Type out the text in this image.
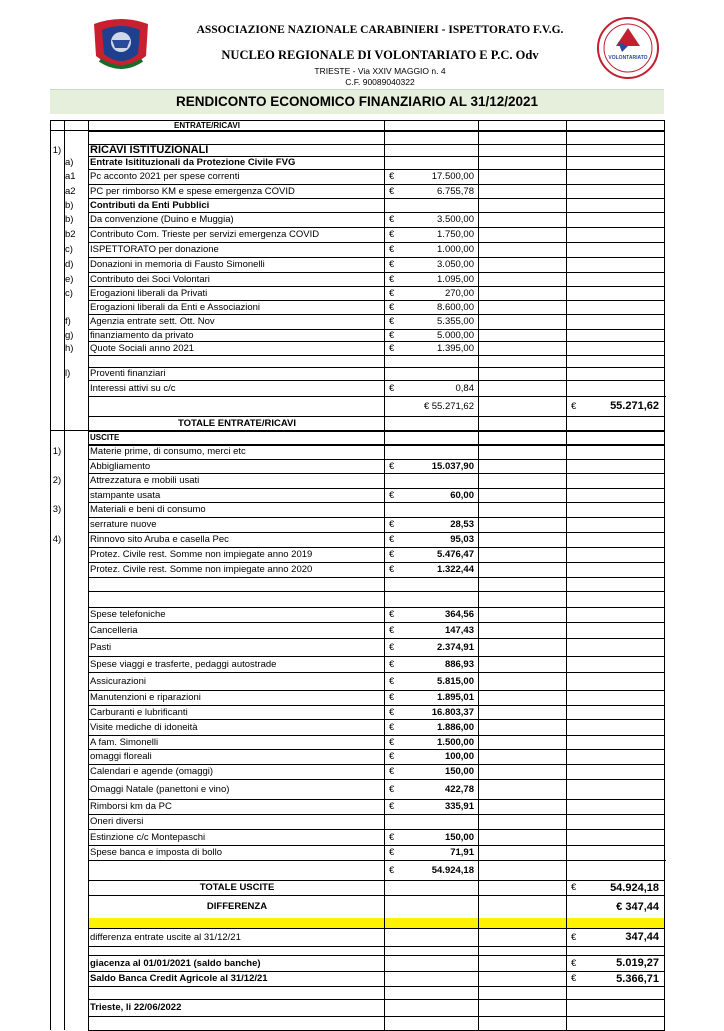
ASSOCIAZIONE NAZIONALE CARABINIERI - ISPETTORATO F.V.G.
NUCLEO REGIONALE DI VOLONTARIATO E P.C. Odv
TRIESTE - Via XXIV MAGGIO n. 4
C.F. 90089040322
VOLONTARIATO
RENDICONTO ECONOMICO FINANZIARIO AL 31/12/2021
ENTRATE/RICAVI
1)	RICAVI ISTITUZIONALI
a)	Entrate Isitituzionali da Protezione Civile FVG
a1	Pc acconto 2021 per spese correnti	€	17.500,00
a2	PC per rimborso KM e spese emergenza COVID	€	6.755,78
b)	Contributi da Enti Pubblici
b)	Da convenzione (Duino e Muggia)	€	3.500,00
b2	Contributo Com. Trieste per servizi emergenza COVID	€	1.750,00
c)	ISPETTORATO per donazione	€	1.000,00
d)	Donazioni in memoria di Fausto Simonelli	€	3.050,00
e)	Contributo dei Soci Volontari	€	1.095,00
c)	Erogazioni liberali da Privati	€	270,00
Erogazioni liberali da Enti e Associazioni	€	8.600,00
f)	Agenzia entrate sett. Ott. Nov	€	5.355,00
g)	finanziamento da privato	€	5.000,00
h)	Quote Sociali anno 2021	€	1.395,00
l)	Proventi finanziari
Interessi attivi su c/c	€	0,84
€ 55.271,62	€	55.271,62
TOTALE ENTRATE/RICAVI
USCITE
1)	Materie prime, di consumo, merci etc
Abbigliamento	€	15.037,90
2)	Attrezzatura e mobili usati
stampante usata	€	60,00
3)	Materiali e beni di consumo
serrature nuove	€	28,53
4)	Rinnovo sito Aruba e casella Pec	€	95,03
Protez. Civile rest. Somme non impiegate anno 2019	€	5.476,47
Protez. Civile rest. Somme non impiegate anno 2020	€	1.322,44
Spese telefoniche	€	364,56
Cancelleria	€	147,43
Pasti	€	2.374,91
Spese viaggi e trasferte, pedaggi autostrade	€	886,93
Assicurazioni	€	5.815,00
Manutenzioni e riparazioni	€	1.895,01
Carburanti e lubrificanti	€	16.803,37
Visite mediche di idoneità	€	1.886,00
A fam. Simonelli	€	1.500,00
omaggi floreali	€	100,00
Calendari e agende (omaggi)	€	150,00
Omaggi Natale (panettoni e vino)	€	422,78
Rimborsi km da PC	€	335,91
Oneri diversi
Estinzione c/c Montepaschi	€	150,00
Spese banca e imposta di bollo	€	71,91
€	54.924,18
TOTALE USCITE	€	54.924,18
DIFFERENZA	€ 347,44
differenza entrate uscite al 31/12/21	€	347,44
giacenza al 01/01/2021 (saldo banche)	€	5.019,27
Saldo Banca Credit Agricole al 31/12/21	€	5.366,71
Trieste, li 22/06/2022
